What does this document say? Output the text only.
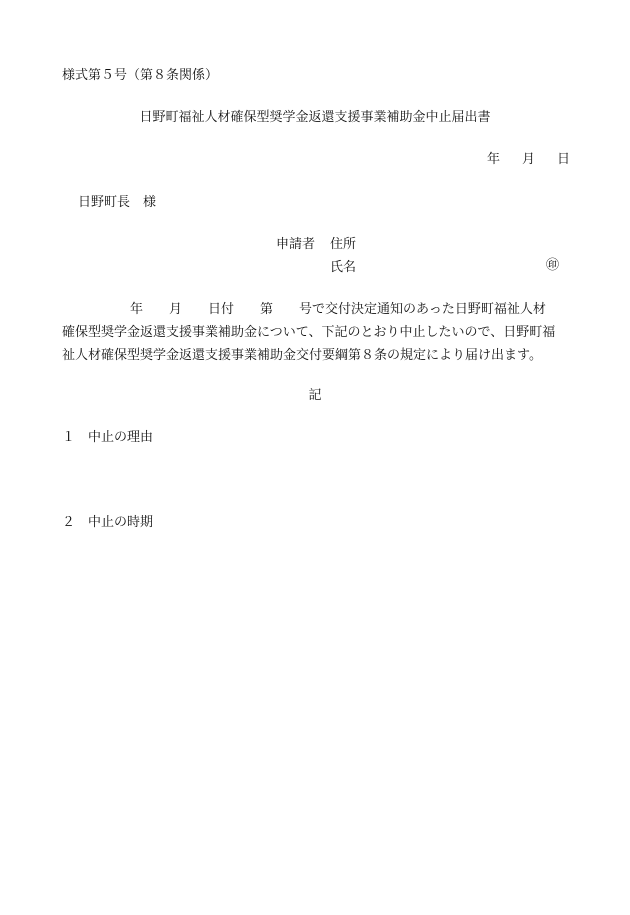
様式第５号（第８条関係）
日野町福祉人材確保型奨学金返還支援事業補助金中止届出書
年 月 日
日野町長　様
申請者 住所
氏名	㊞
年　　月　　日付　　第　　号で交付決定通知のあった日野町福祉人材
確保型奨学金返還支援事業補助金について、下記のとおり中止したいので、日野町福
祉人材確保型奨学金返還支援事業補助金交付要綱第８条の規定により届け出ます。
記
１ 中止の理由
２ 中止の時期
